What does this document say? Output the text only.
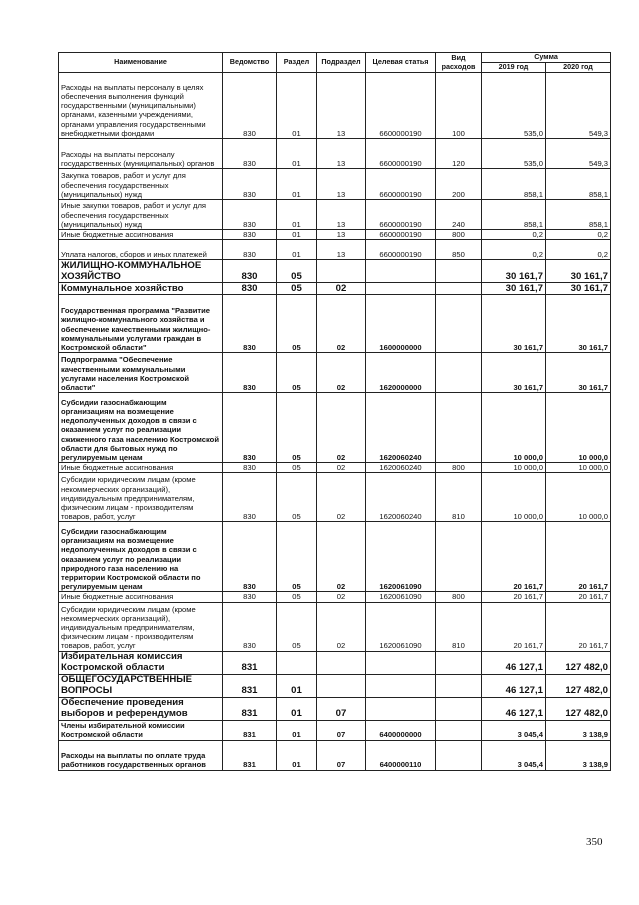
Наименование	Ведомство	Раздел	Подраздел	Целевая статья	Вид расходов	Сумма	
						2019 год	2020 год
Расходы на выплаты персоналу в целях обеспечения выполнения функций государственными (муниципальными) органами, казенными учреждениями, органами управления государственными внебюджетными фондами	830	01	13	6600000190	100	535,0	549,3
Расходы на выплаты персоналу государственных (муниципальных) органов	830	01	13	6600000190	120	535,0	549,3
Закупка товаров, работ и услуг для обеспечения государственных (муниципальных) нужд	830	01	13	6600000190	200	858,1	858,1
Иные закупки товаров, работ и услуг для обеспечения государственных (муниципальных) нужд	830	01	13	6600000190	240	858,1	858,1
Иные бюджетные ассигнования	830	01	13	6600000190	800	0,2	0,2
Уплата налогов, сборов и иных платежей	830	01	13	6600000190	850	0,2	0,2
ЖИЛИЩНО-КОММУНАЛЬНОЕ ХОЗЯЙСТВО	830	05				30 161,7	30 161,7
Коммунальное хозяйство	830	05	02			30 161,7	30 161,7
Государственная программа "Развитие жилищно-коммунального хозяйства и обеспечение качественными жилищно-коммунальными услугами граждан в Костромской области"	830	05	02	1600000000		30 161,7	30 161,7
Подпрограмма "Обеспечение качественными коммунальными услугами населения Костромской области"	830	05	02	1620000000		30 161,7	30 161,7
Субсидии газоснабжающим организациям на возмещение недополученных доходов в связи с оказанием услуг по реализации сжиженного газа населению Костромской области для бытовых нужд по регулируемым ценам	830	05	02	1620060240		10 000,0	10 000,0
Иные бюджетные ассигнования	830	05	02	1620060240	800	10 000,0	10 000,0
Субсидии юридическим лицам (кроме некоммерческих организаций), индивидуальным предпринимателям, физическим лицам - производителям товаров, работ, услуг	830	05	02	1620060240	810	10 000,0	10 000,0
Субсидии газоснабжающим организациям на возмещение недополученных доходов в связи с оказанием услуг по реализации природного газа населению на территории Костромской области по регулируемым ценам	830	05	02	1620061090		20 161,7	20 161,7
Иные бюджетные ассигнования	830	05	02	1620061090	800	20 161,7	20 161,7
Субсидии юридическим лицам (кроме некоммерческих организаций), индивидуальным предпринимателям, физическим лицам - производителям товаров, работ, услуг	830	05	02	1620061090	810	20 161,7	20 161,7
Избирательная комиссия Костромской области	831					46 127,1	127 482,0
ОБЩЕГОСУДАРСТВЕННЫЕ ВОПРОСЫ	831	01				46 127,1	127 482,0
Обеспечение проведения выборов и референдумов	831	01	07			46 127,1	127 482,0
Члены избирательной комиссии Костромской области	831	01	07	6400000000		3 045,4	3 138,9
Расходы на выплаты по оплате труда работников государственных органов	831	01	07	6400000110		3 045,4	3 138,9
350
